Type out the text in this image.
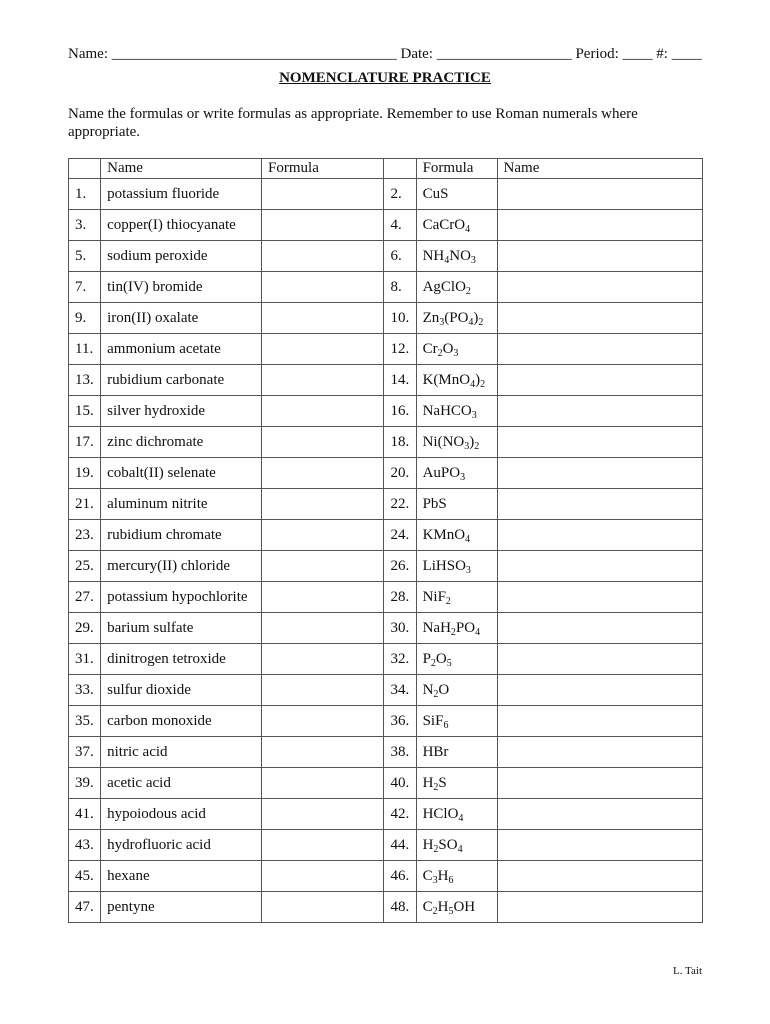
Name: ______________________________________ Date: __________________ Period: ____ #: ____
NOMENCLATURE PRACTICE
Name the formulas or write formulas as appropriate. Remember to use Roman numerals where appropriate.
	Name	Formula		Formula	Name
1.	potassium fluoride		2.	CuS	
3.	copper(I) thiocyanate		4.	CaCrO$_4$	
5.	sodium peroxide		6.	$NH_4NO_3$	
7.	tin(IV) bromide		8.	AgClO$_2$	
9.	iron(II) oxalate		10.	$Zn_3(PO_4)_2$	
11.	ammonium acetate		12.	$Cr_2O_3$	
13.	rubidium carbonate		14.	$K(MnO_4)_2$	
15.	silver hydroxide		16.	NaHCO$_3$	
17.	zinc dichromate		18.	$Ni(NO_3)_2$	
19.	cobalt(II) selenate		20.	AuPO$_3$	
21.	aluminum nitrite		22.	PbS	
23.	rubidium chromate		24.	KMnO$_4$	
25.	mercury(II) chloride		26.	LiHSO$_3$	
27.	potassium hypochlorite		28.	NiF$_2$	
29.	barium sulfate		30.	$NaH_2PO_4$	
31.	dinitrogen tetroxide		32.	$P_2O_5$	
33.	sulfur dioxide		34.	$N_2O$	
35.	carbon monoxide		36.	SiF$_6$	
37.	nitric acid		38.	HBr	
39.	acetic acid		40.	$H_2S$	
41.	hypoiodous acid		42.	HClO$_4$	
43.	hydrofluoric acid		44.	$H_2SO_4$	
45.	hexane		46.	$C_3H_6$	
47.	pentyne		48.	$C_2H_5OH$	
L. Tait
